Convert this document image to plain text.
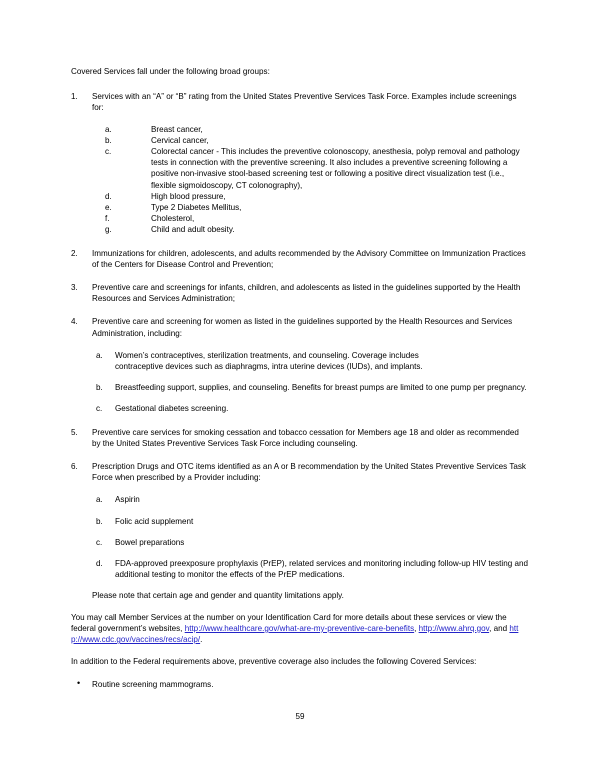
Covered Services fall under the following broad groups:

1.	Services with an “A” or “B” rating from the United States Preventive Services Task Force. Examples include screenings for:
a.	Breast cancer,
b.	Cervical cancer,
c.	Colorectal cancer - This includes the preventive colonoscopy, anesthesia, polyp removal and pathology tests in connection with the preventive screening. It also includes a preventive screening following a positive non-invasive stool-based screening test or following a positive direct visualization test (i.e., flexible sigmoidoscopy, CT colonography),
d.	High blood pressure,
e.	Type 2 Diabetes Mellitus,
f.	Cholesterol,
g.	Child and adult obesity.
2.	Immunizations for children, adolescents, and adults recommended by the Advisory Committee on Immunization Practices of the Centers for Disease Control and Prevention;
3.	Preventive care and screenings for infants, children, and adolescents as listed in the guidelines supported by the Health Resources and Services Administration;
4.	Preventive care and screening for women as listed in the guidelines supported by the Health Resources and Services Administration, including:
a. Women’s contraceptives, sterilization treatments, and counseling. Coverage includes
contraceptive devices such as diaphragms, intra uterine devices (IUDs), and implants.
b. Breastfeeding support, supplies, and counseling. Benefits for breast pumps are limited to one pump per pregnancy.
c. Gestational diabetes screening.
5.	Preventive care services for smoking cessation and tobacco cessation for Members age 18 and older as recommended by the United States Preventive Services Task Force including counseling.
6.	Prescription Drugs and OTC items identified as an A or B recommendation by the United States Preventive Services Task Force when prescribed by a Provider including:
a. Aspirin
b. Folic acid supplement
c. Bowel preparations
d. FDA-approved preexposure prophylaxis (PrEP), related services and monitoring including follow-up HIV testing and additional testing to monitor the effects of the PrEP medications.

Please note that certain age and gender and quantity limitations apply.

You may call Member Services at the number on your Identification Card for more details about these services or view the federal government’s websites, http://www.healthcare.gov/what-are-my-preventive-care-benefits, http://www.ahrq.gov, and http://www.cdc.gov/vaccines/recs/acip/.

In addition to the Federal requirements above, preventive coverage also includes the following Covered Services:

• Routine screening mammograms.
59
